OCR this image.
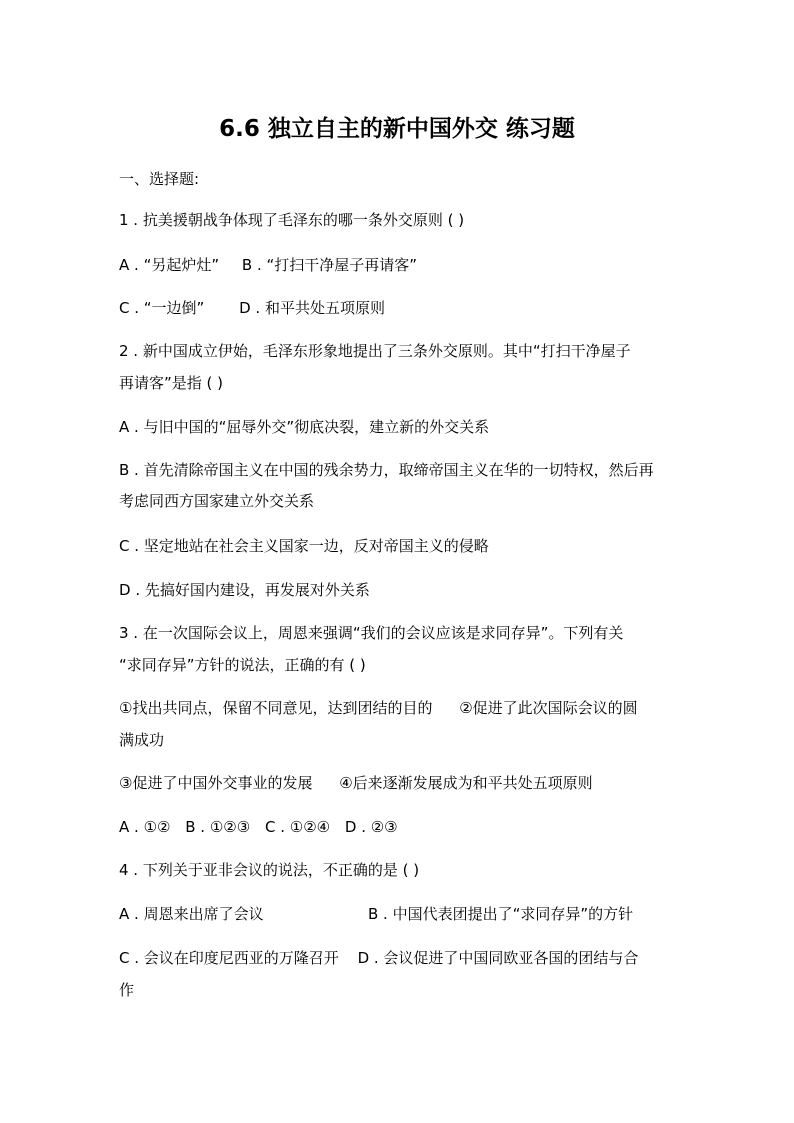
6.6 独立自主的新中国外交 练习题
一、选择题:
1 . 抗美援朝战争体现了毛泽东的哪一条外交原则 ( )
A . “另起炉灶” B . “打扫干净屋子再请客”
C . “一边倒” D . 和平共处五项原则
2 . 新中国成立伊始，毛泽东形象地提出了三条外交原则。其中“打扫干净屋子
再请客”是指 ( )
A . 与旧中国的“屈辱外交”彻底决裂，建立新的外交关系
B . 首先清除帝国主义在中国的残余势力，取缔帝国主义在华的一切特权，然后再
考虑同西方国家建立外交关系
C . 坚定地站在社会主义国家一边，反对帝国主义的侵略
D . 先搞好国内建设，再发展对外关系
3 . 在一次国际会议上，周恩来强调“我们的会议应该是求同存异”。下列有关
“求同存异”方针的说法，正确的有 ( )
①找出共同点，保留不同意见，达到团结的目的 ②促进了此次国际会议的圆
满成功
③促进了中国外交事业的发展 ④后来逐渐发展成为和平共处五项原则
A . ①② B . ①②③ C . ①②④ D . ②③
4 . 下列关于亚非会议的说法，不正确的是 ( )
A . 周恩来出席了会议	B . 中国代表团提出了“求同存异”的方针
C . 会议在印度尼西亚的万隆召开 D . 会议促进了中国同欧亚各国的团结与合
作
